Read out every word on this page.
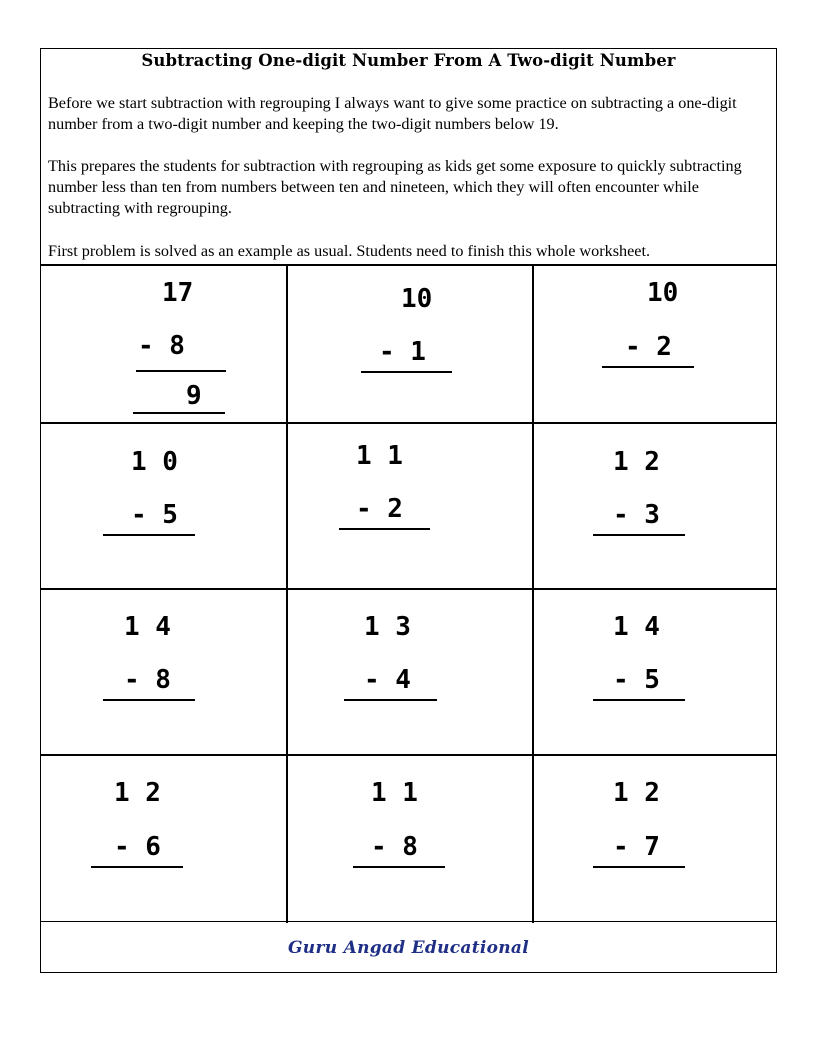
Subtracting One-digit Number From A Two-digit Number

Before we start subtraction with regrouping I always want to give some practice on subtracting a one-digit number from a two-digit number and keeping the two-digit numbers below 19.

This prepares the students for subtraction with regrouping as kids get some exposure to quickly subtracting number less than ten from numbers between ten and nineteen, which they will often encounter while subtracting with regrouping.

First problem is solved as an example as usual. Students need to finish this whole worksheet.

17
- 8
9
10
- 1
10
- 2
1 0
- 5
1 1
- 2
1 2
- 3
1 4
- 8
1 3
- 4
1 4
- 5
1 2
- 6
1 1
- 8
1 2
- 7
Guru Angad Educational
